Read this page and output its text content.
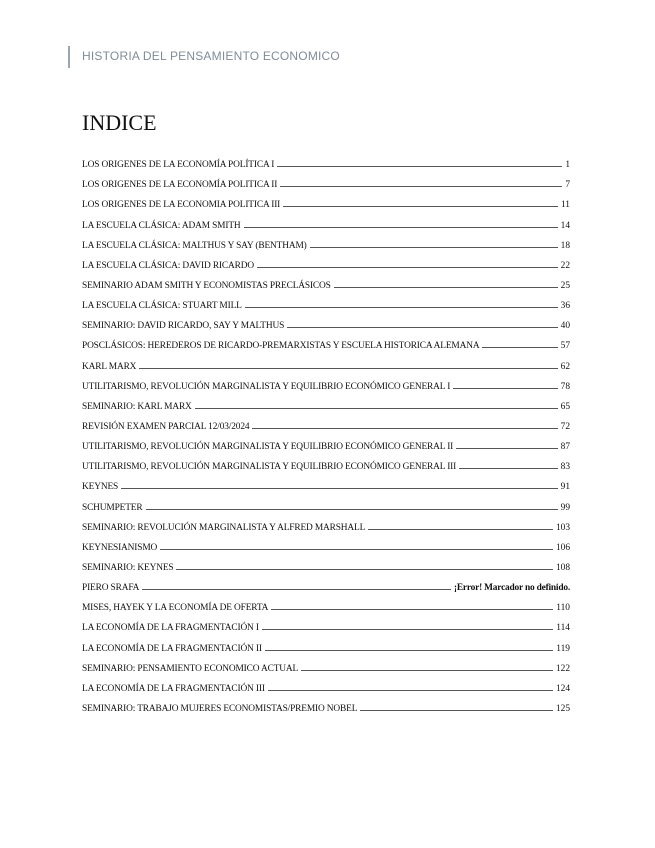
HISTORIA DEL PENSAMIENTO ECONOMICO
INDICE
LOS ORIGENES DE LA ECONOMÍA POLÍTICA I	1
LOS ORIGENES DE LA ECONOMÍA POLITICA II	7
LOS ORIGENES DE LA ECONOMIA POLITICA III	11
LA ESCUELA CLÁSICA: ADAM SMITH	14
LA ESCUELA CLÁSICA: MALTHUS Y SAY (BENTHAM)	18
LA ESCUELA CLÁSICA: DAVID RICARDO	22
SEMINARIO ADAM SMITH Y ECONOMISTAS PRECLÁSICOS	25
LA ESCUELA CLÁSICA: STUART MILL	36
SEMINARIO: DAVID RICARDO, SAY Y MALTHUS	40
POSCLÁSICOS: HEREDEROS DE RICARDO-PREMARXISTAS Y ESCUELA HISTORICA ALEMANA	57
KARL MARX	62
UTILITARISMO, REVOLUCIÓN MARGINALISTA Y EQUILIBRIO ECONÓMICO GENERAL I	78
SEMINARIO: KARL MARX	65
REVISIÓN EXAMEN PARCIAL 12/03/2024	72
UTILITARISMO, REVOLUCIÓN MARGINALISTA Y EQUILIBRIO ECONÓMICO GENERAL II	87
UTILITARISMO, REVOLUCIÓN MARGINALISTA Y EQUILIBRIO ECONÓMICO GENERAL III	83
KEYNES	91
SCHUMPETER	99
SEMINARIO: REVOLUCIÓN MARGINALISTA Y ALFRED MARSHALL	103
KEYNESIANISMO	106
SEMINARIO: KEYNES	108
PIERO SRAFA	¡Error! Marcador no definido.
MISES, HAYEK Y LA ECONOMÍA DE OFERTA	110
LA ECONOMÍA DE LA FRAGMENTACIÓN I	114
LA ECONOMÍA DE LA FRAGMENTACIÓN II	119
SEMINARIO: PENSAMIENTO ECONOMICO ACTUAL	122
LA ECONOMÍA DE LA FRAGMENTACIÓN III	124
SEMINARIO: TRABAJO MUJERES ECONOMISTAS/PREMIO NOBEL	125
